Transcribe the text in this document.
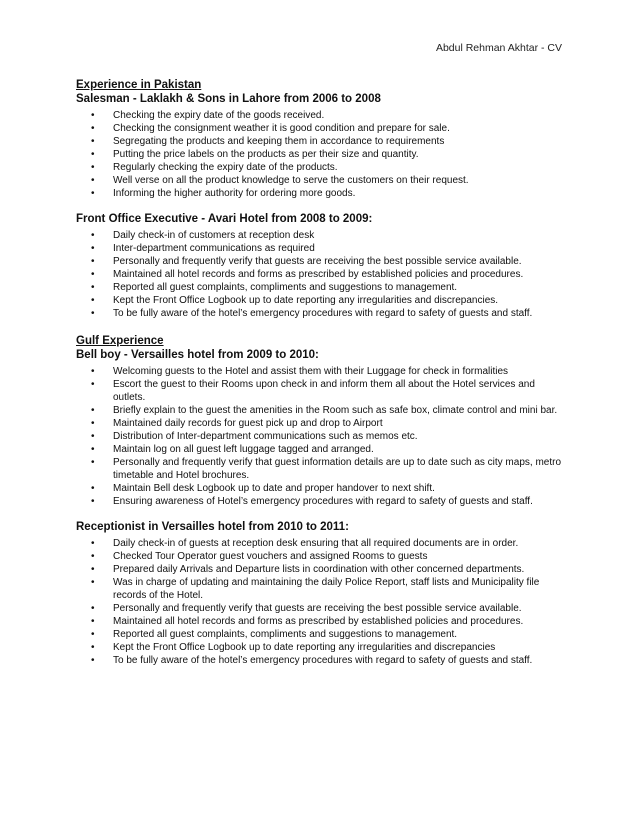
Abdul Rehman Akhtar - CV
Experience in Pakistan
Salesman - Laklakh & Sons in Lahore from 2006 to 2008
• Checking the expiry date of the goods received.
• Checking the consignment weather it is good condition and prepare for sale.
• Segregating the products and keeping them in accordance to requirements
• Putting the price labels on the products as per their size and quantity.
• Regularly checking the expiry date of the products.
• Well verse on all the product knowledge to serve the customers on their request.
• Informing the higher authority for ordering more goods.
Front Office Executive - Avari Hotel from 2008 to 2009:
• Daily check-in of customers at reception desk
• Inter-department communications as required
• Personally and frequently verify that guests are receiving the best possible service available.
• Maintained all hotel records and forms as prescribed by established policies and procedures.
• Reported all guest complaints, compliments and suggestions to management.
• Kept the Front Office Logbook up to date reporting any irregularities and discrepancies.
• To be fully aware of the hotel’s emergency procedures with regard to safety of guests and staff.
Gulf Experience
Bell boy - Versailles hotel from 2009 to 2010:
• Welcoming guests to the Hotel and assist them with their Luggage for check in formalities
• Escort the guest to their Rooms upon check in and inform them all about the Hotel services and outlets.
• Briefly explain to the guest the amenities in the Room such as safe box, climate control and mini bar.
• Maintained daily records for guest pick up and drop to Airport
• Distribution of Inter-department communications such as memos etc.
• Maintain log on all guest left luggage tagged and arranged.
• Personally and frequently verify that guest information details are up to date such as city maps, metro timetable and Hotel brochures.
• Maintain Bell desk Logbook up to date and proper handover to next shift.
• Ensuring awareness of Hotel’s emergency procedures with regard to safety of guests and staff.
Receptionist in Versailles hotel from 2010 to 2011:
• Daily check-in of guests at reception desk ensuring that all required documents are in order.
• Checked Tour Operator guest vouchers and assigned Rooms to guests
• Prepared daily Arrivals and Departure lists in coordination with other concerned departments.
• Was in charge of updating and maintaining the daily Police Report, staff lists and Municipality file records of the Hotel.
• Personally and frequently verify that guests are receiving the best possible service available.
• Maintained all hotel records and forms as prescribed by established policies and procedures.
• Reported all guest complaints, compliments and suggestions to management.
• Kept the Front Office Logbook up to date reporting any irregularities and discrepancies
• To be fully aware of the hotel’s emergency procedures with regard to safety of guests and staff.
